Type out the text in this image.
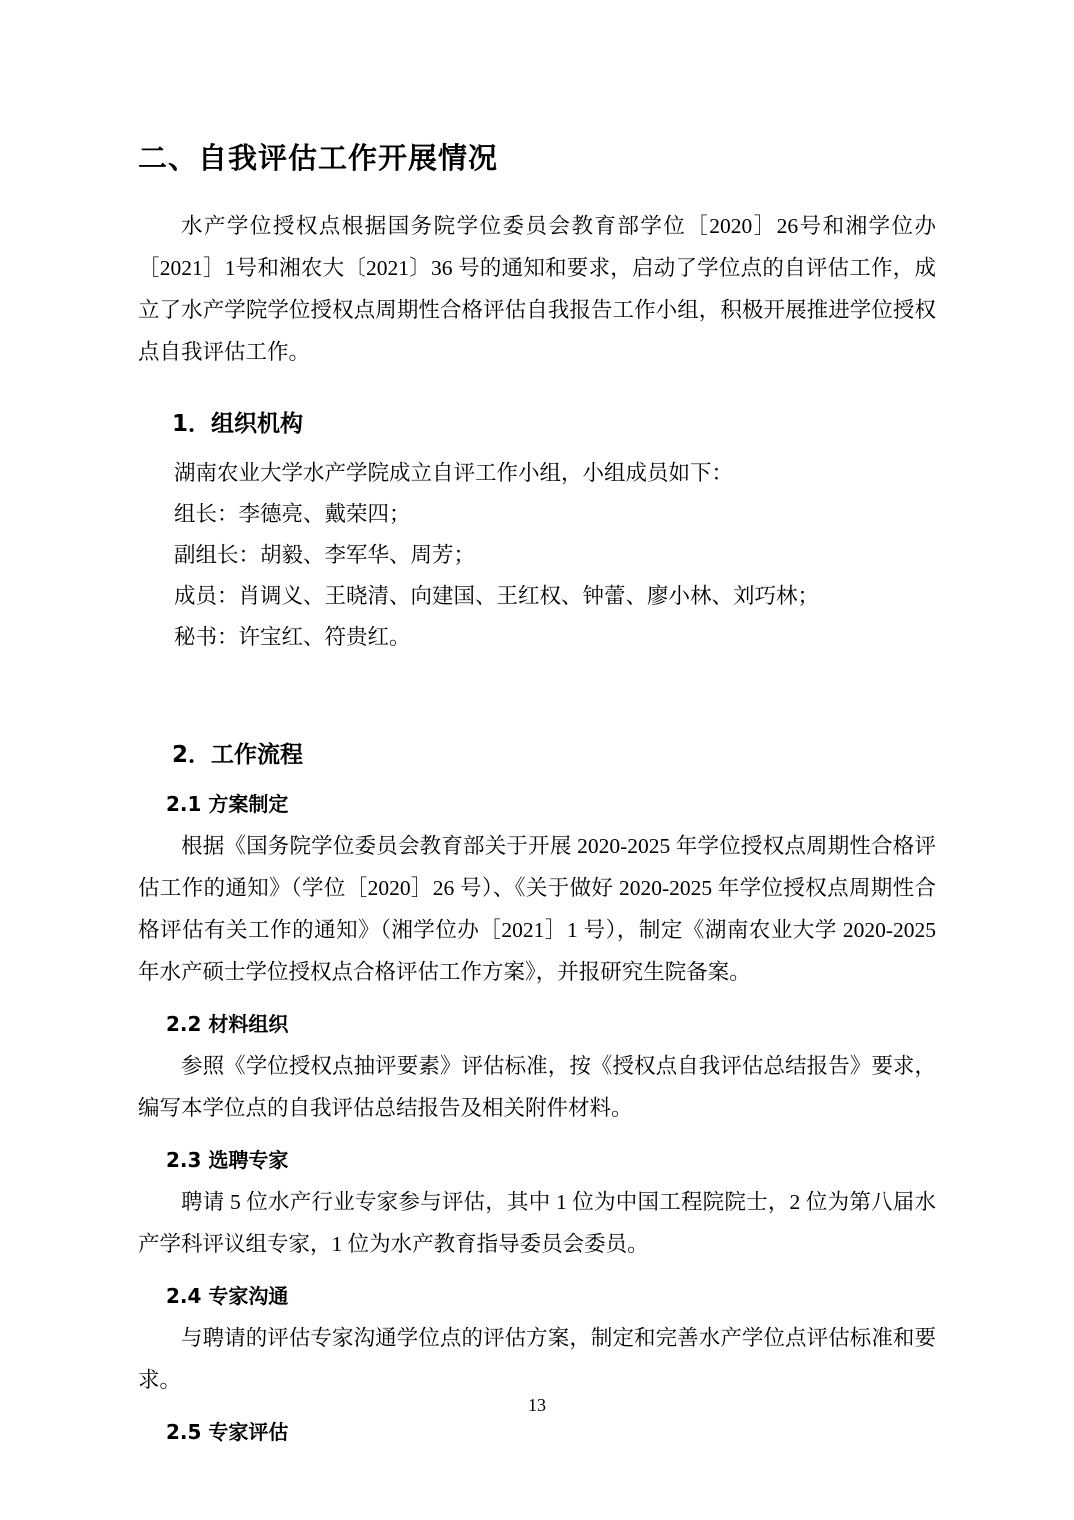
二、自我评估工作开展情况

水产学位授权点根据国务院学位委员会教育部学位［2020］26号和湘学位办［2021］1号和湘农大〔2021〕36 号的通知和要求，启动了学位点的自评估工作，成立了水产学院学位授权点周期性合格评估自我报告工作小组，积极开展推进学位授权点自我评估工作。

1．组织机构

湖南农业大学水产学院成立自评工作小组，小组成员如下：

组长：李德亮、戴荣四；

副组长：胡毅、李军华、周芳；

成员：肖调义、王晓清、向建国、王红权、钟蕾、廖小林、刘巧林；

秘书：许宝红、符贵红。

2．工作流程
2.1 方案制定

根据《国务院学位委员会教育部关于开展 2020-2025 年学位授权点周期性合格评估工作的通知》（学位［2020］26 号）、《关于做好 2020-2025 年学位授权点周期性合格评估有关工作的通知》（湘学位办［2021］1 号），制定《湖南农业大学 2020-2025 年水产硕士学位授权点合格评估工作方案》，并报研究生院备案。

2.2 材料组织

参照《学位授权点抽评要素》评估标准，按《授权点自我评估总结报告》要求，编写本学位点的自我评估总结报告及相关附件材料。

2.3 选聘专家

聘请 5 位水产行业专家参与评估，其中 1 位为中国工程院院士，2 位为第八届水产学科评议组专家，1 位为水产教育指导委员会委员。

2.4 专家沟通

与聘请的评估专家沟通学位点的评估方案，制定和完善水产学位点评估标准和要求。

2.5 专家评估
13
